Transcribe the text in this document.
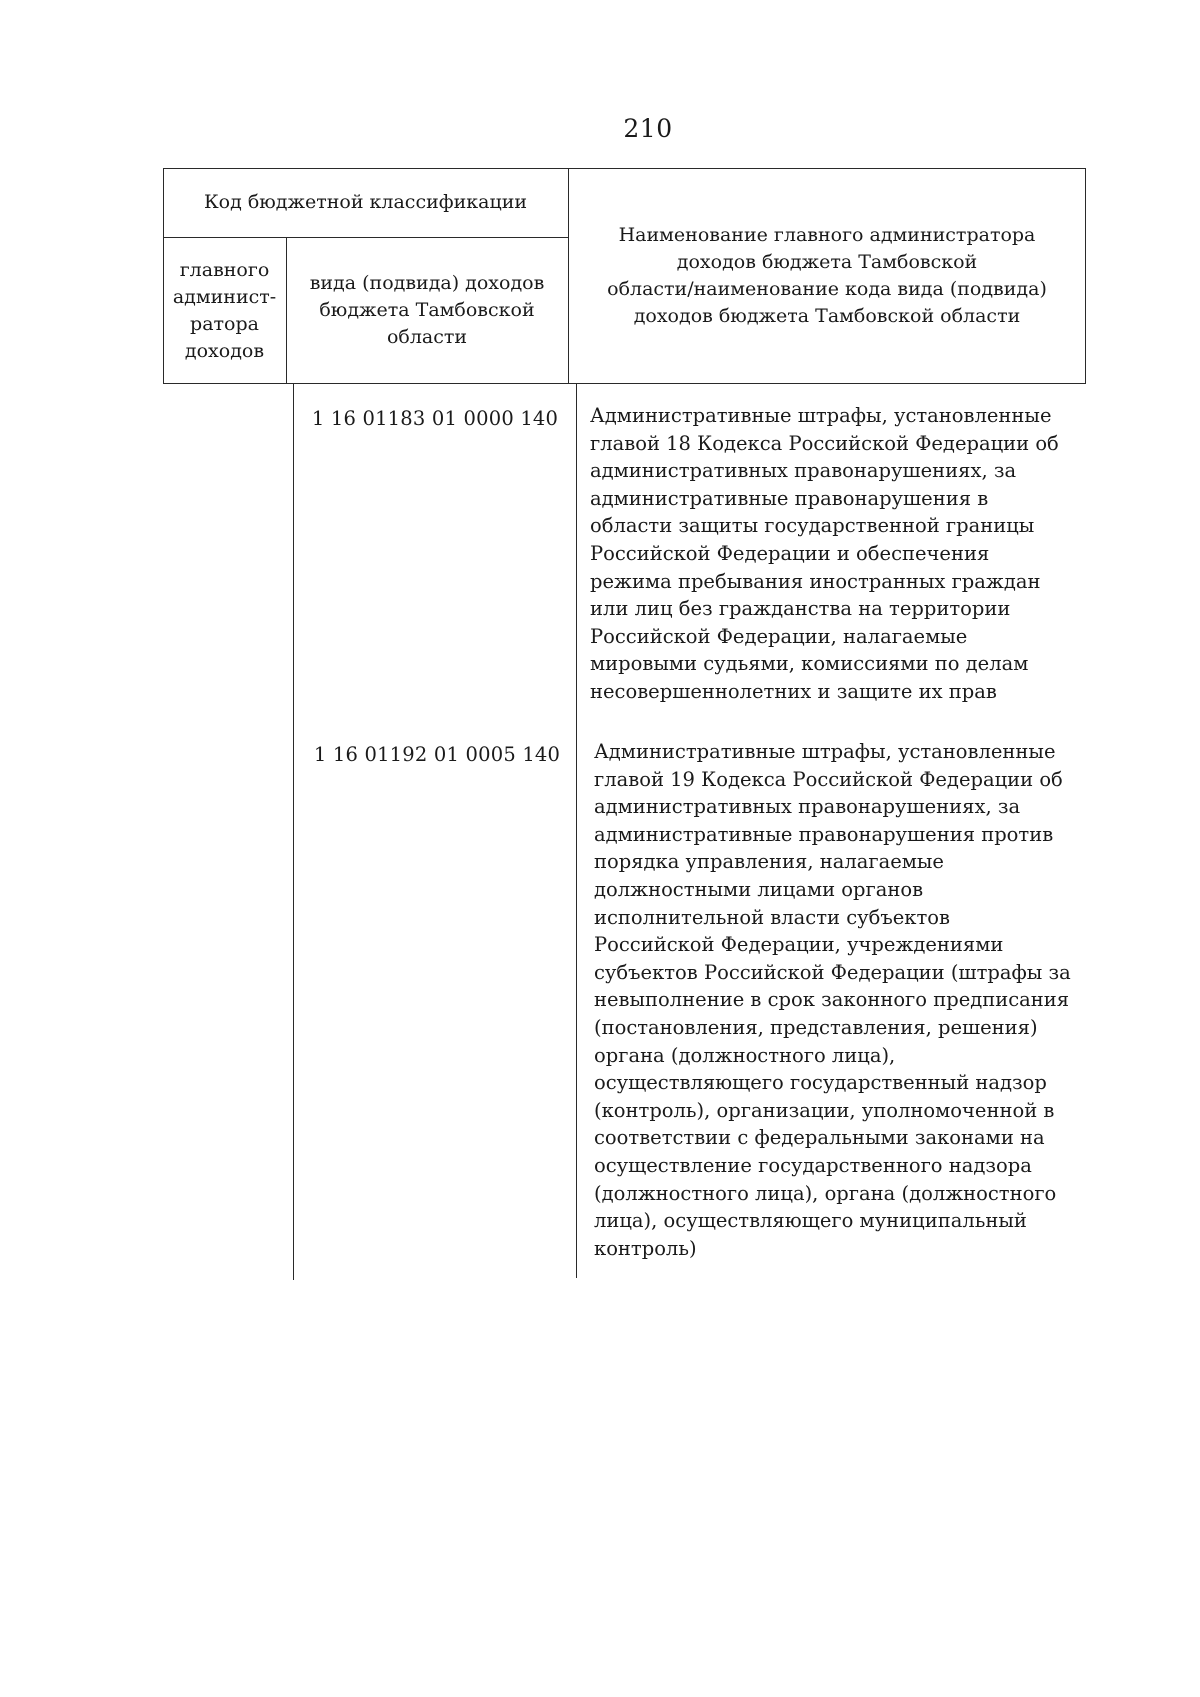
210
Код бюджетной классификации
главного
админист-
ратора
доходов
вида (подвида) доходов
бюджета Тамбовской
области
Наименование главного администратора
доходов бюджета Тамбовской
области/наименование кода вида (подвида)
доходов бюджета Тамбовской области
1 16 01183 01 0000 140	Административные штрафы, установленные
главой 18 Кодекса Российской Федерации об
административных правонарушениях, за
административные правонарушения в
области защиты государственной границы
Российской Федерации и обеспечения
режима пребывания иностранных граждан
или лиц без гражданства на территории
Российской Федерации, налагаемые
мировыми судьями, комиссиями по делам
несовершеннолетних и защите их прав
1 16 01192 01 0005 140	Административные штрафы, установленные
главой 19 Кодекса Российской Федерации об
административных правонарушениях, за
административные правонарушения против
порядка управления, налагаемые
должностными лицами органов
исполнительной власти субъектов
Российской Федерации, учреждениями
субъектов Российской Федерации (штрафы за
невыполнение в срок законного предписания
(постановления, представления, решения)
органа (должностного лица),
осуществляющего государственный надзор
(контроль), организации, уполномоченной в
соответствии с федеральными законами на
осуществление государственного надзора
(должностного лица), органа (должностного
лица), осуществляющего муниципальный
контроль)
